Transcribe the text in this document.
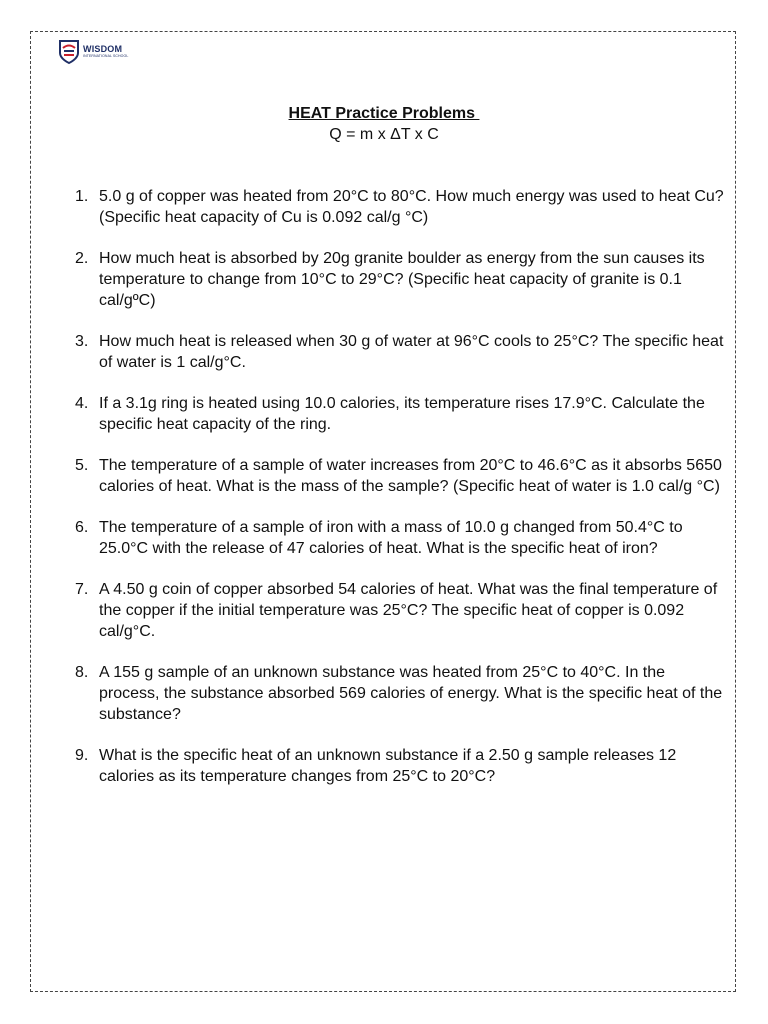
WISDOM
INTERNATIONAL SCHOOL
HEAT Practice Problems
Q = m x ΔT x C
1. 5.0 g of copper was heated from 20°C to 80°C. How much energy was used to heat Cu? (Specific heat capacity of Cu is 0.092 cal/g °C)
2. How much heat is absorbed by 20g granite boulder as energy from the sun causes its temperature to change from 10°C to 29°C? (Specific heat capacity of granite is 0.1 cal/gºC)
3. How much heat is released when 30 g of water at 96°C cools to 25°C? The specific heat of water is 1 cal/g°C.
4. If a 3.1g ring is heated using 10.0 calories, its temperature rises 17.9°C. Calculate the specific heat capacity of the ring.
5. The temperature of a sample of water increases from 20°C to 46.6°C as it absorbs 5650 calories of heat. What is the mass of the sample? (Specific heat of water is 1.0 cal/g °C)
6. The temperature of a sample of iron with a mass of 10.0 g changed from 50.4°C to 25.0°C with the release of 47 calories of heat. What is the specific heat of iron?
7. A 4.50 g coin of copper absorbed 54 calories of heat. What was the final temperature of the copper if the initial temperature was 25°C? The specific heat of copper is 0.092 cal/g°C.
8. A 155 g sample of an unknown substance was heated from 25°C to 40°C. In the process, the substance absorbed 569 calories of energy. What is the specific heat of the substance?
9. What is the specific heat of an unknown substance if a 2.50 g sample releases 12 calories as its temperature changes from 25°C to 20°C?
